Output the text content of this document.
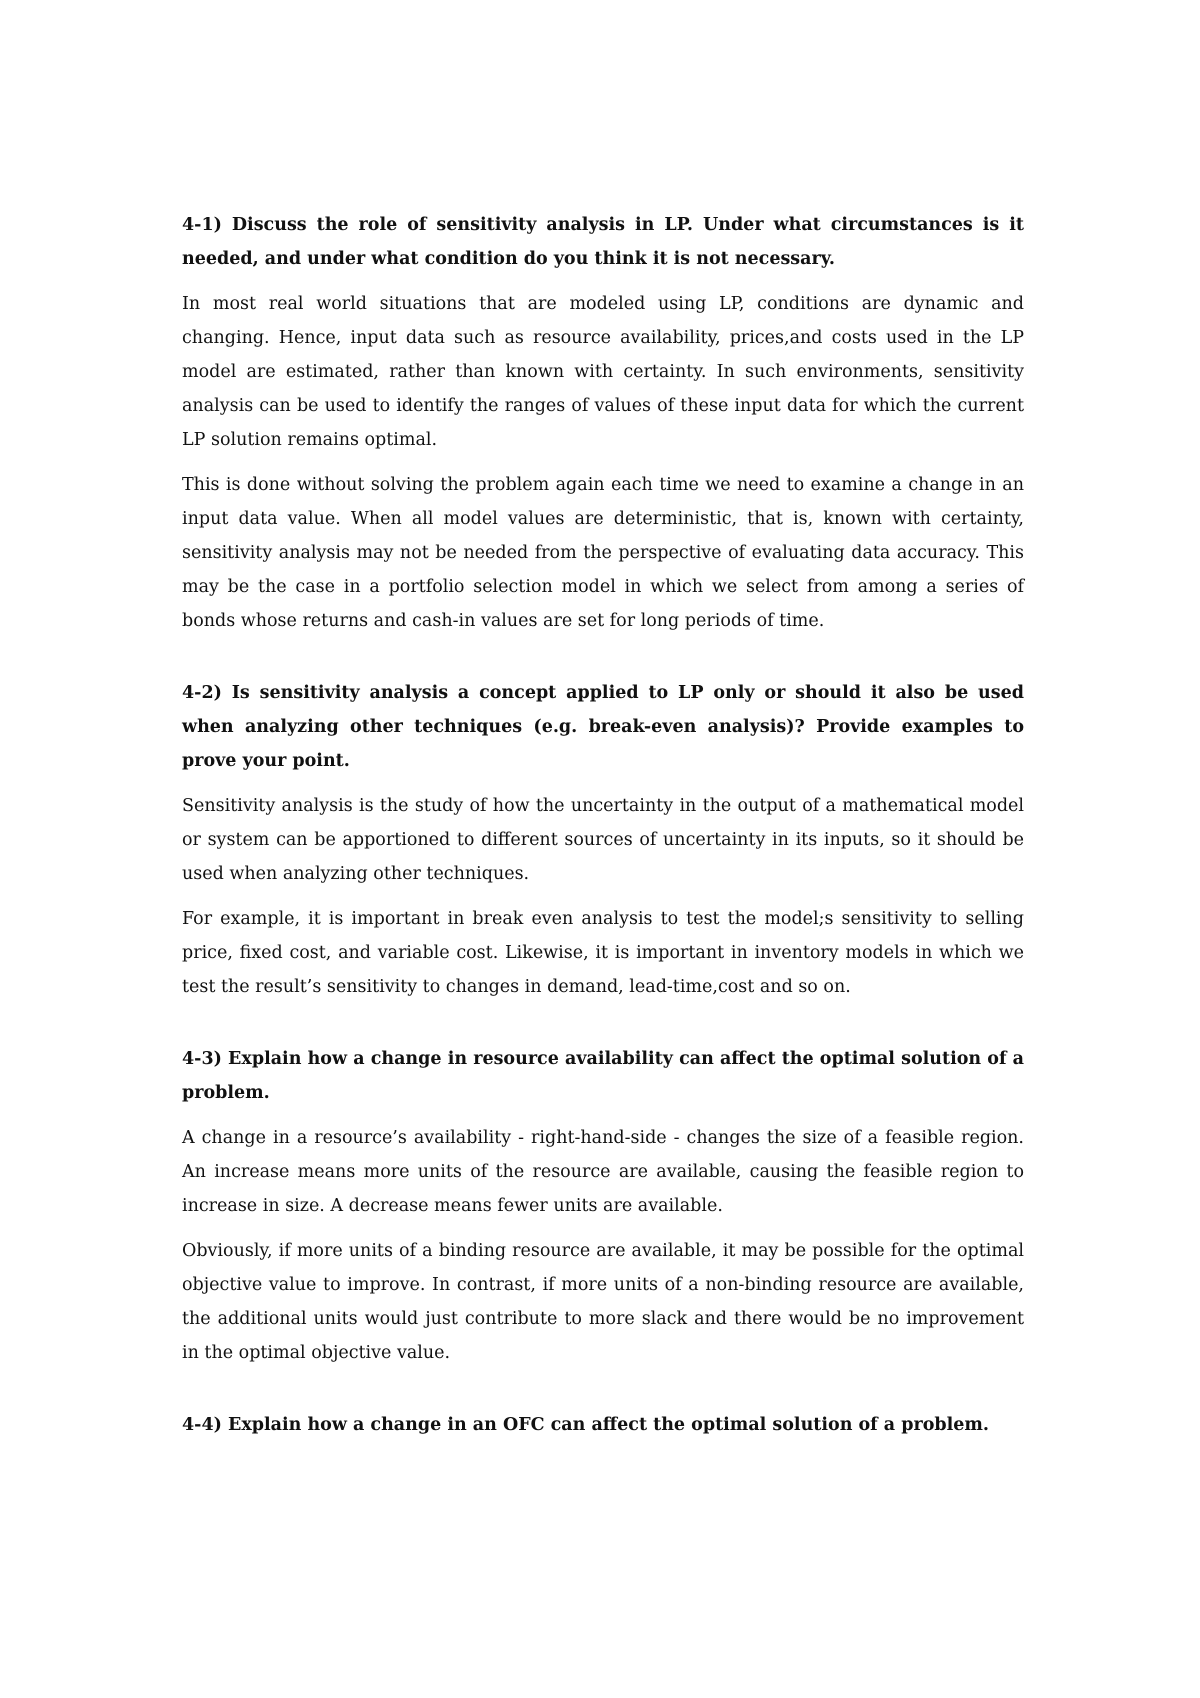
4-1) Discuss the role of sensitivity analysis in LP. Under what circumstances is it needed, and under what condition do you think it is not necessary.

In most real world situations that are modeled using LP, conditions are dynamic and changing. Hence, input data such as resource availability, prices,and costs used in the LP model are estimated, rather than known with certainty. In such environments, sensitivity analysis can be used to identify the ranges of values of these input data for which the current LP solution remains optimal.

This is done without solving the problem again each time we need to examine a change in an input data value. When all model values are deterministic, that is, known with certainty, sensitivity analysis may not be needed from the perspective of evaluating data accuracy. This may be the case in a portfolio selection model in which we select from among a series of bonds whose returns and cash-in values are set for long periods of time.

4-2) Is sensitivity analysis a concept applied to LP only or should it also be used when analyzing other techniques (e.g. break-even analysis)? Provide examples to prove your point.

Sensitivity analysis is the study of how the uncertainty in the output of a mathematical model or system can be apportioned to different sources of uncertainty in its inputs, so it should be used when analyzing other techniques.

For example, it is important in break even analysis to test the model;s sensitivity to selling price, fixed cost, and variable cost. Likewise, it is important in inventory models in which we test the result’s sensitivity to changes in demand, lead-time,cost and so on.

4-3) Explain how a change in resource availability can affect the optimal solution of a problem.

A change in a resource’s availability - right-hand-side - changes the size of a feasible region. An increase means more units of the resource are available, causing the feasible region to increase in size. A decrease means fewer units are available.

Obviously, if more units of a binding resource are available, it may be possible for the optimal objective value to improve. In contrast, if more units of a non-binding resource are available, the additional units would just contribute to more slack and there would be no improvement in the optimal objective value.

4-4) Explain how a change in an OFC can affect the optimal solution of a problem.
